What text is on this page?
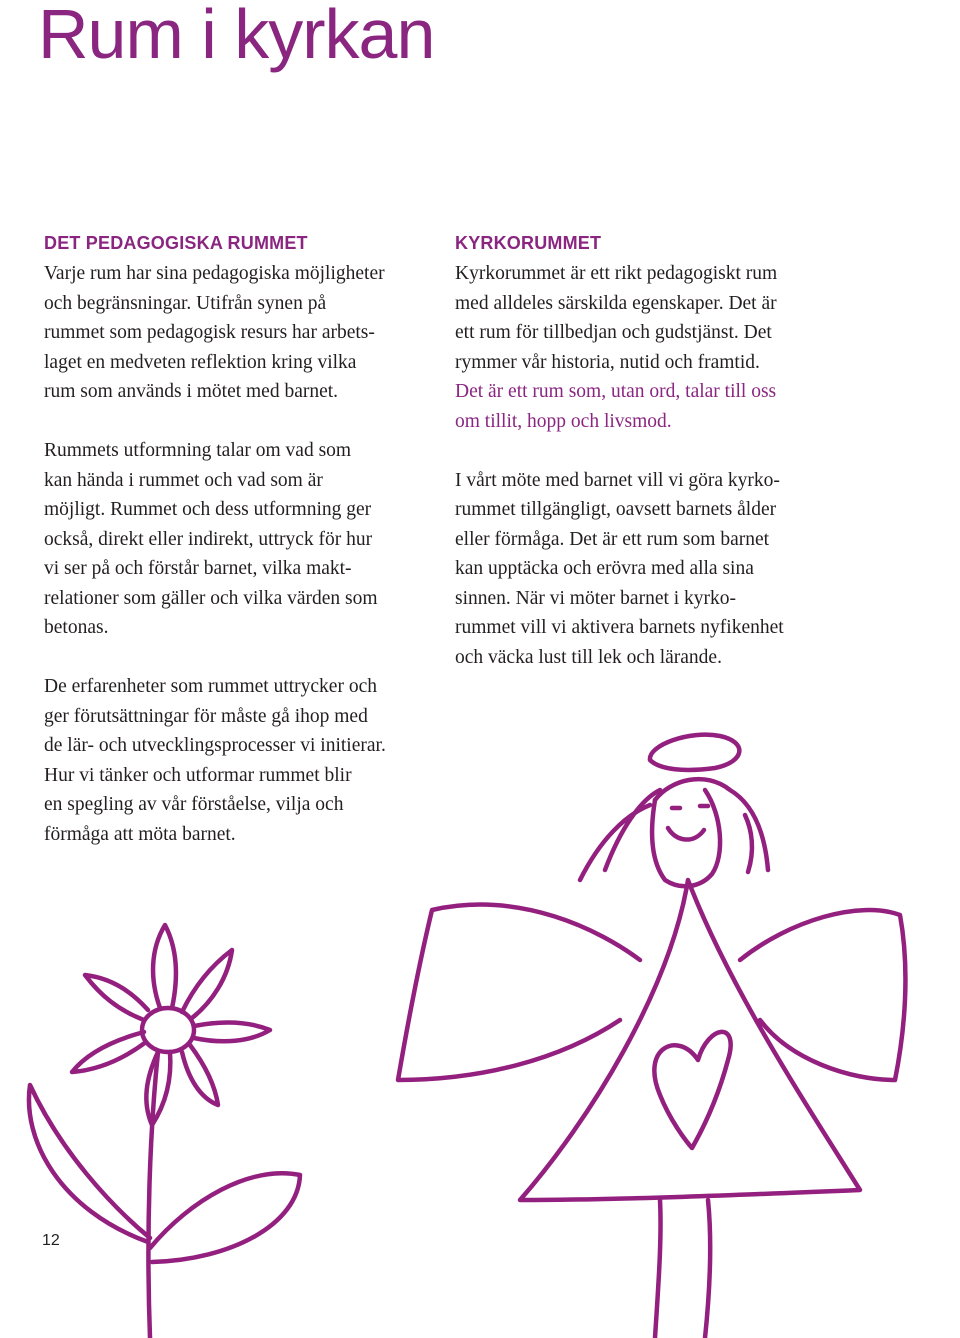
Rum i kyrkan
DET PEDAGOGISKA RUMMET

Varje rum har sina pedagogiska möjligheter
och begränsningar. Utifrån synen på
rummet som pedagogisk resurs har arbets-
laget en medveten reflektion kring vilka
rum som används i mötet med barnet.

Rummets utformning talar om vad som
kan hända i rummet och vad som är
möjligt. Rummet och dess utformning ger
också, direkt eller indirekt, uttryck för hur
vi ser på och förstår barnet, vilka makt-
relationer som gäller och vilka värden som
betonas.

De erfarenheter som rummet uttrycker och
ger förutsättningar för måste gå ihop med
de lär- och utvecklingsprocesser vi initierar.
Hur vi tänker och utformar rummet blir
en spegling av vår förståelse, vilja och
förmåga att möta barnet.

KYRKORUMMET

Kyrkorummet är ett rikt pedagogiskt rum
med alldeles särskilda egenskaper. Det är
ett rum för tillbedjan och gudstjänst. Det
rymmer vår historia, nutid och framtid.
Det är ett rum som, utan ord, talar till oss
om tillit, hopp och livsmod.

I vårt möte med barnet vill vi göra kyrko-
rummet tillgängligt, oavsett barnets ålder
eller förmåga. Det är ett rum som barnet
kan upptäcka och erövra med alla sina
sinnen. När vi möter barnet i kyrko-
rummet vill vi aktivera barnets nyfikenhet
och väcka lust till lek och lärande.

12
